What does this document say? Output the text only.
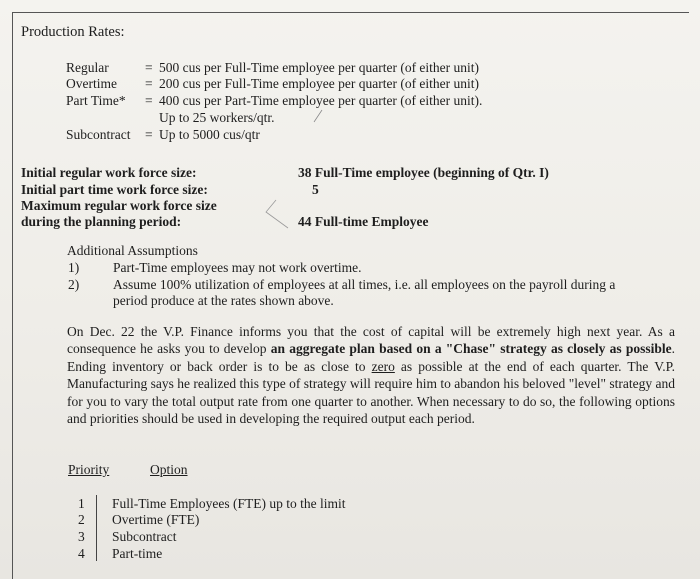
Production Rates:
Regular	= 500 cus per Full-Time employee per quarter (of either unit)
Overtime = 200 cus per Full-Time employee per quarter (of either unit)
Part Time* = 400 cus per Part-Time employee per quarter (of either unit).
Up to 25 workers/qtr.
Subcontract = Up to 5000 cus/qtr
Initial regular work force size:	38 Full-Time employee (beginning of Qtr. I)
Initial part time work force size:	5
Maximum regular work force size
during the planning period:	44 Full-time Employee
Additional Assumptions
1)	Part-Time employees may not work overtime.
2)	Assume 100% utilization of employees at all times, i.e. all employees on the payroll during a
period produce at the rates shown above.
On Dec. 22 the V.P. Finance informs you that the cost of capital will be extremely high next year. As a consequence he asks you to develop an aggregate plan based on a "Chase" strategy as closely as possible. Ending inventory or back order is to be as close to zero as possible at the end of each quarter. The V.P. Manufacturing says he realized this type of strategy will require him to abandon his beloved "level" strategy and for you to vary the total output rate from one quarter to another. When necessary to do so, the following options and priorities should be used in developing the required output each period.
Priority	Option
1 Full-Time Employees (FTE) up to the limit
2 Overtime (FTE)
3 Subcontract
4 Part-time
